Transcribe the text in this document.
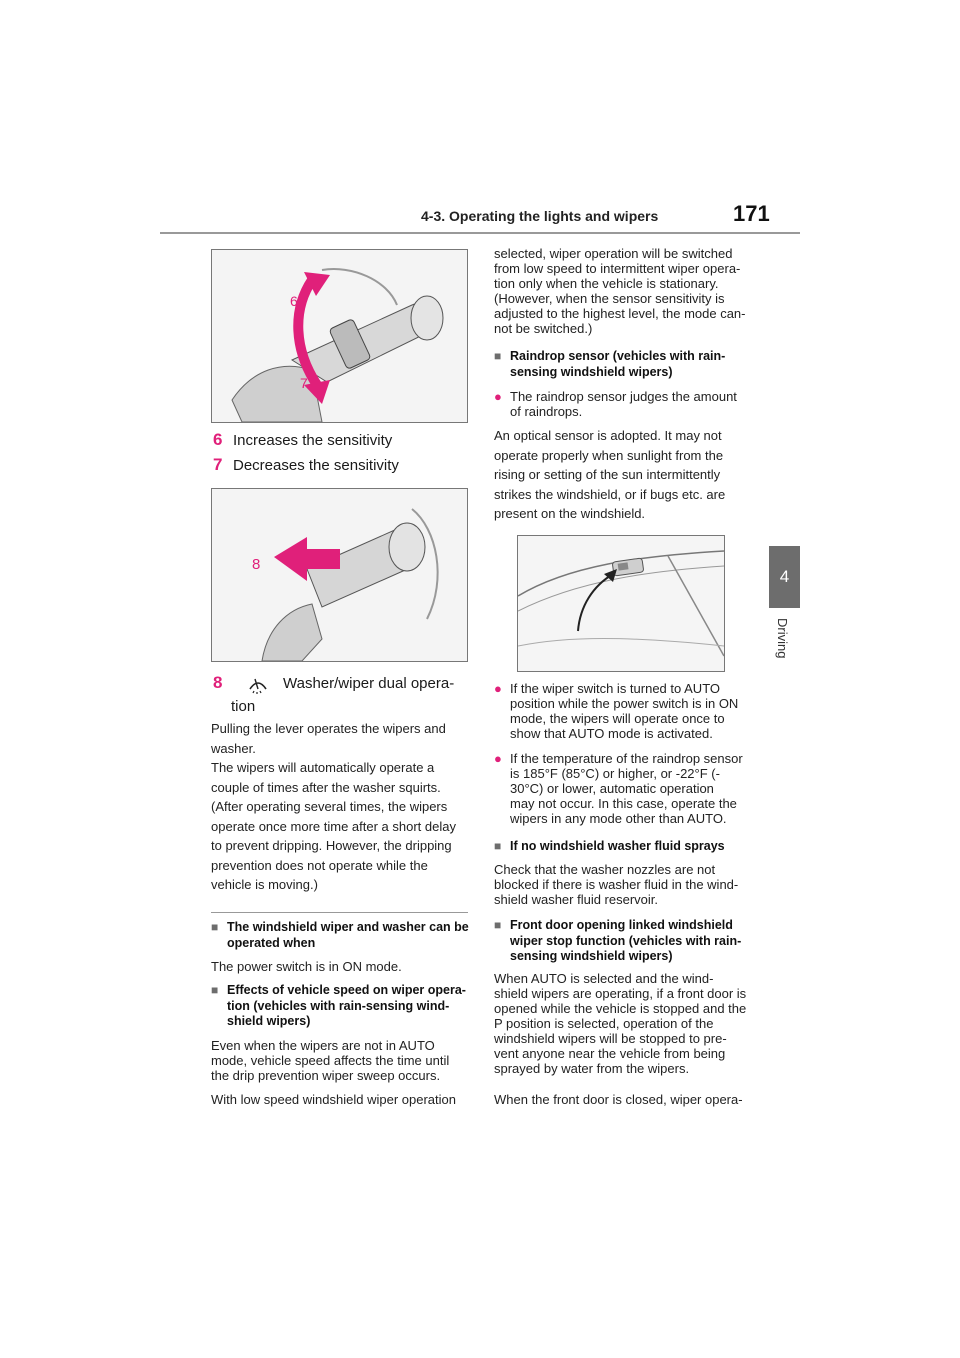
4-3. Operating the lights and wipers	171
4
Driving
6
7
6 Increases the sensitivity
7 Decreases the sensitivity
8
8	Washer/wiper dual opera-
tion
Pulling the lever operates the wipers and
washer.
The wipers will automatically operate a
couple of times after the washer squirts.
(After operating several times, the wipers
operate once more time after a short delay
to prevent dripping. However, the dripping
prevention does not operate while the
vehicle is moving.)
■ The windshield wiper and washer can be
operated when
The power switch is in ON mode.
■ Effects of vehicle speed on wiper opera-
tion (vehicles with rain-sensing wind-
shield wipers)
Even when the wipers are not in AUTO
mode, vehicle speed affects the time until
the drip prevention wiper sweep occurs.
With low speed windshield wiper operation
selected, wiper operation will be switched
from low speed to intermittent wiper opera-
tion only when the vehicle is stationary.
(However, when the sensor sensitivity is
adjusted to the highest level, the mode can-
not be switched.)
■ Raindrop sensor (vehicles with rain-
sensing windshield wipers)
● The raindrop sensor judges the amount
of raindrops.
An optical sensor is adopted. It may not
operate properly when sunlight from the
rising or setting of the sun intermittently
strikes the windshield, or if bugs etc. are
present on the windshield.
● If the wiper switch is turned to AUTO
position while the power switch is in ON
mode, the wipers will operate once to
show that AUTO mode is activated.
● If the temperature of the raindrop sensor
is 185°F (85°C) or higher, or -22°F (-
30°C) or lower, automatic operation
may not occur. In this case, operate the
wipers in any mode other than AUTO.
■ If no windshield washer fluid sprays
Check that the washer nozzles are not
blocked if there is washer fluid in the wind-
shield washer fluid reservoir.
■ Front door opening linked windshield
wiper stop function (vehicles with rain-
sensing windshield wipers)
When AUTO is selected and the wind-
shield wipers are operating, if a front door is
opened while the vehicle is stopped and the
P position is selected, operation of the
windshield wipers will be stopped to pre-
vent anyone near the vehicle from being
sprayed by water from the wipers.
When the front door is closed, wiper opera-
